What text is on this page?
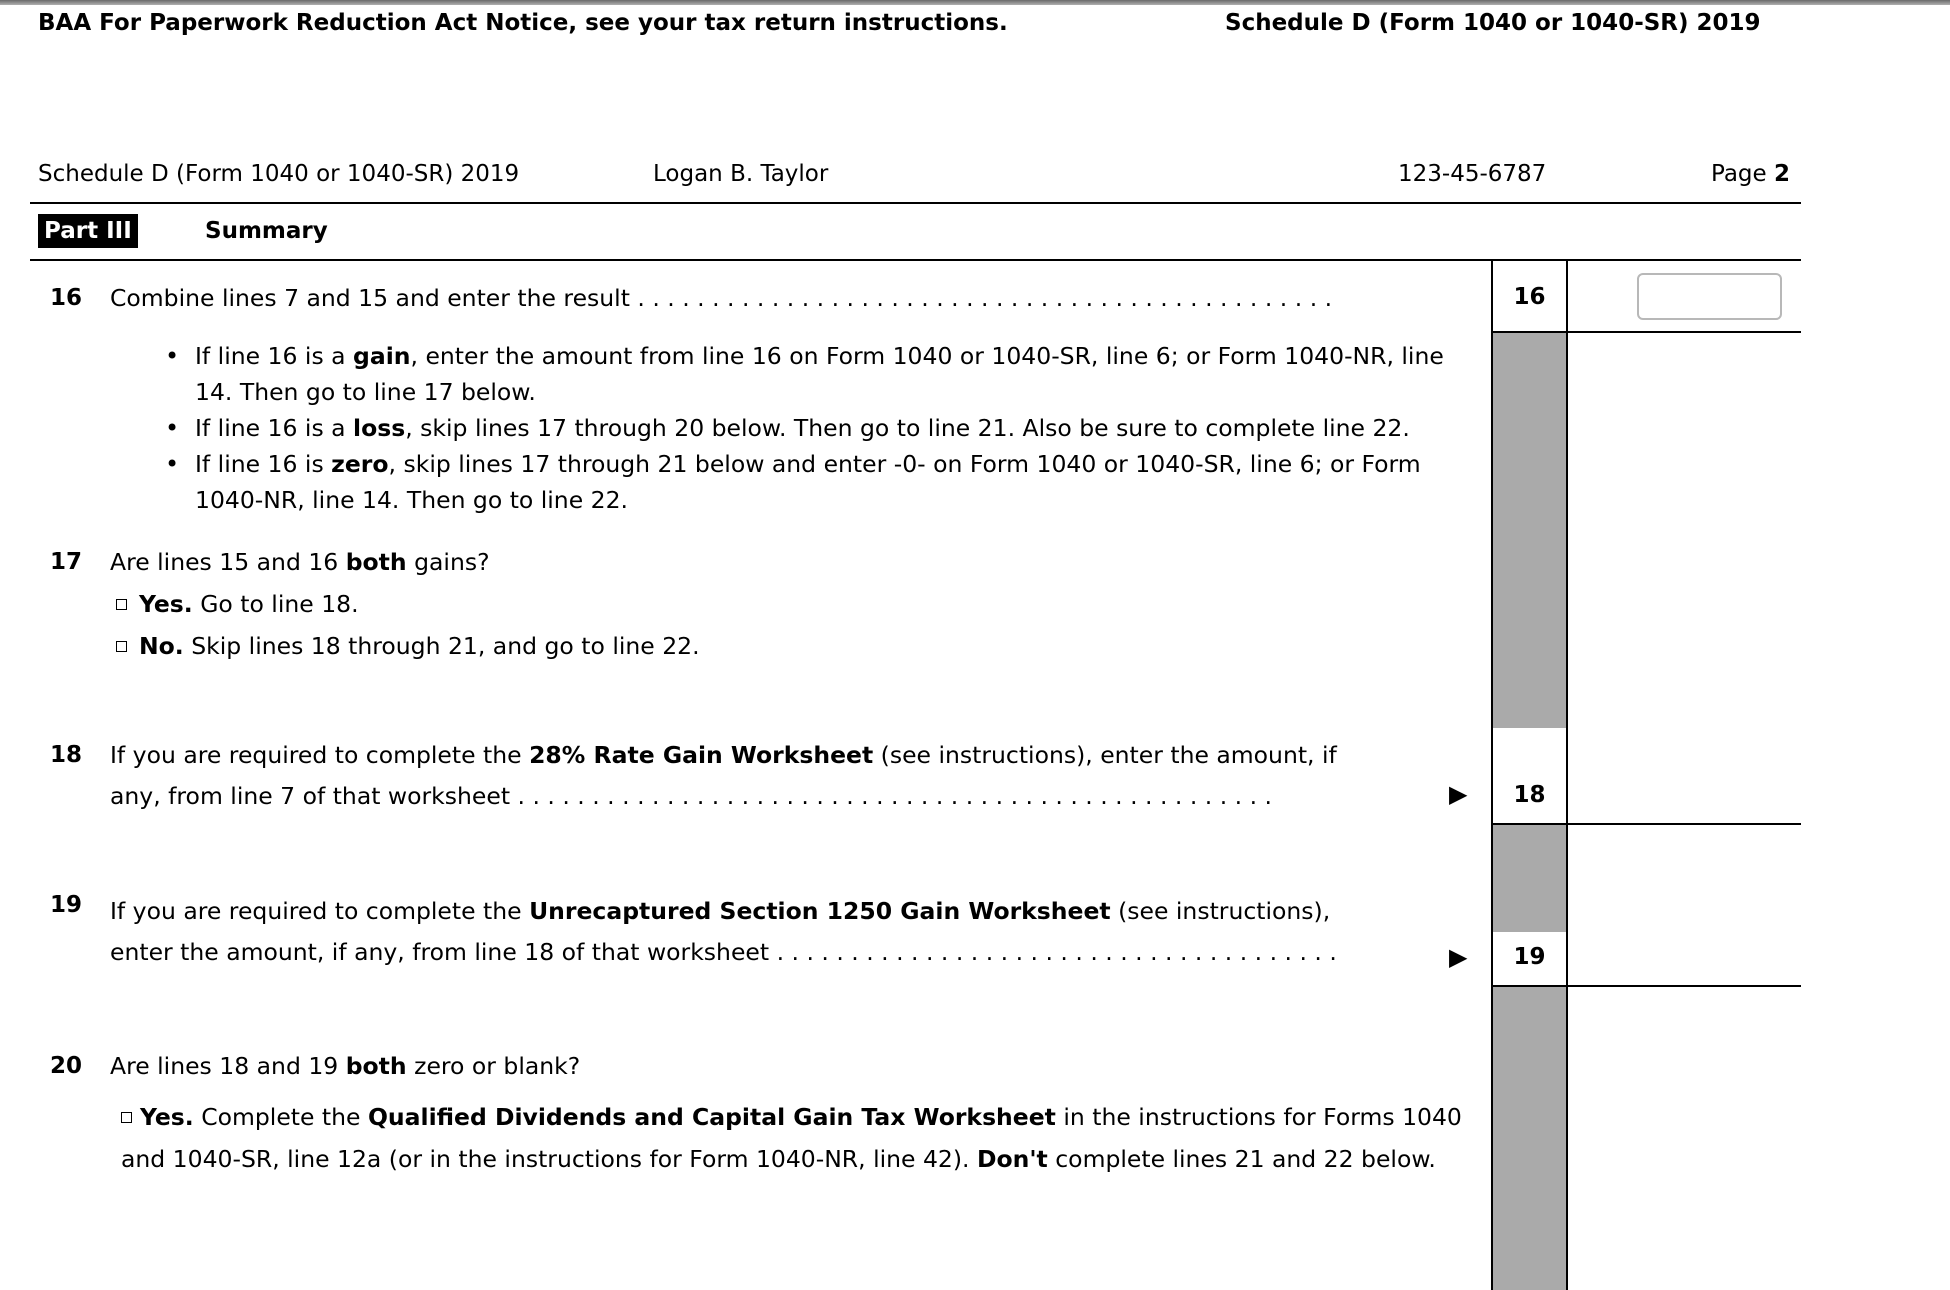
BAA For Paperwork Reduction Act Notice, see your tax return instructions.	Schedule D (Form 1040 or 1040-SR) 2019
Schedule D (Form 1040 or 1040-SR) 2019	Logan B. Taylor	123-45-6787	Page 2
Part III	Summary
16 Combine lines 7 and 15 and enter the result . . . . . . . . . . . . . . . . . . . . . . . . . . . . . . . . . . . . . . . . . . . . . . .	16
• If line 16 is a gain, enter the amount from line 16 on Form 1040 or 1040-SR, line 6; or Form 1040-NR, line 14. Then go to line 17 below.
• If line 16 is a loss, skip lines 17 through 20 below. Then go to line 21. Also be sure to complete line 22.
• If line 16 is zero, skip lines 17 through 21 below and enter -0- on Form 1040 or 1040-SR, line 6; or Form 1040-NR, line 14. Then go to line 22.
17 Are lines 15 and 16 both gains?
Yes. Go to line 18.
No. Skip lines 18 through 21, and go to line 22.
18 If you are required to complete the 28% Rate Gain Worksheet (see instructions), enter the amount, if
any, from line 7 of that worksheet . . . . . . . . . . . . . . . . . . . . . . . . . . . . . . . . . . . . . . . . . . . . . . . . . . .	▶	18
19 If you are required to complete the Unrecaptured Section 1250 Gain Worksheet (see instructions),
enter the amount, if any, from line 18 of that worksheet . . . . . . . . . . . . . . . . . . . . . . . . . . . . . . . . . . . . . .	▶	19
20 Are lines 18 and 19 both zero or blank?
Yes. Complete the Qualified Dividends and Capital Gain Tax Worksheet in the instructions for Forms 1040 and 1040-SR, line 12a (or in the instructions for Form 1040-NR, line 42). Don't complete lines 21 and 22 below.
